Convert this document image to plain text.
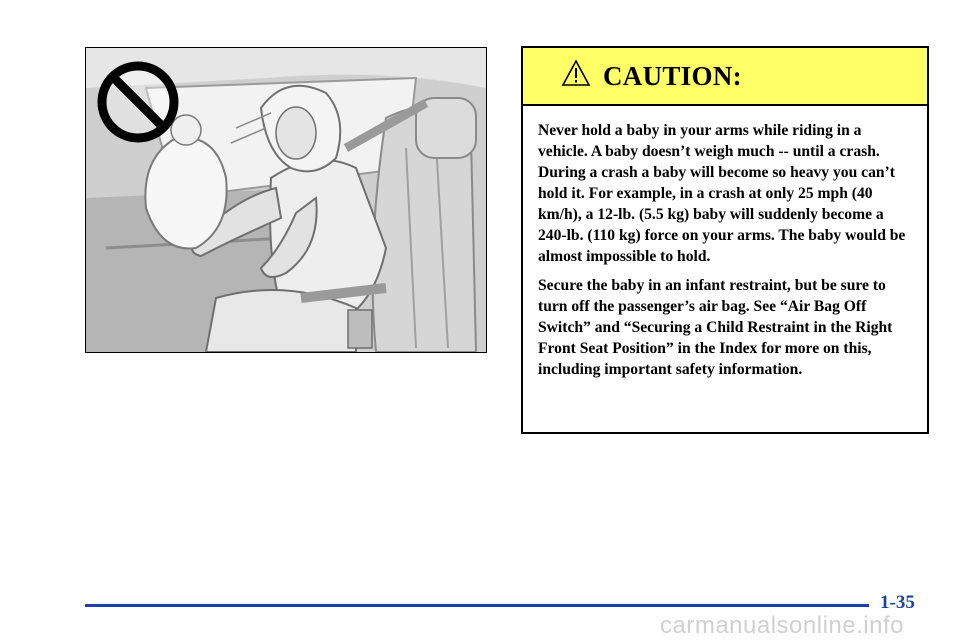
CAUTION:

Never hold a baby in your arms while riding in a vehicle. A baby doesn’t weigh much -- until a crash. During a crash a baby will become so heavy you can’t hold it. For example, in a crash at only 25 mph (40 km/h), a 12-lb. (5.5 kg) baby will suddenly become a 240-lb. (110 kg) force on your arms. The baby would be almost impossible to hold.

Secure the baby in an infant restraint, but be sure to turn off the passenger’s air bag. See “Air Bag Off Switch” and “Securing a Child Restraint in the Right Front Seat Position” in the Index for more on this, including important safety information.

1-35
carmanualsonline.info
